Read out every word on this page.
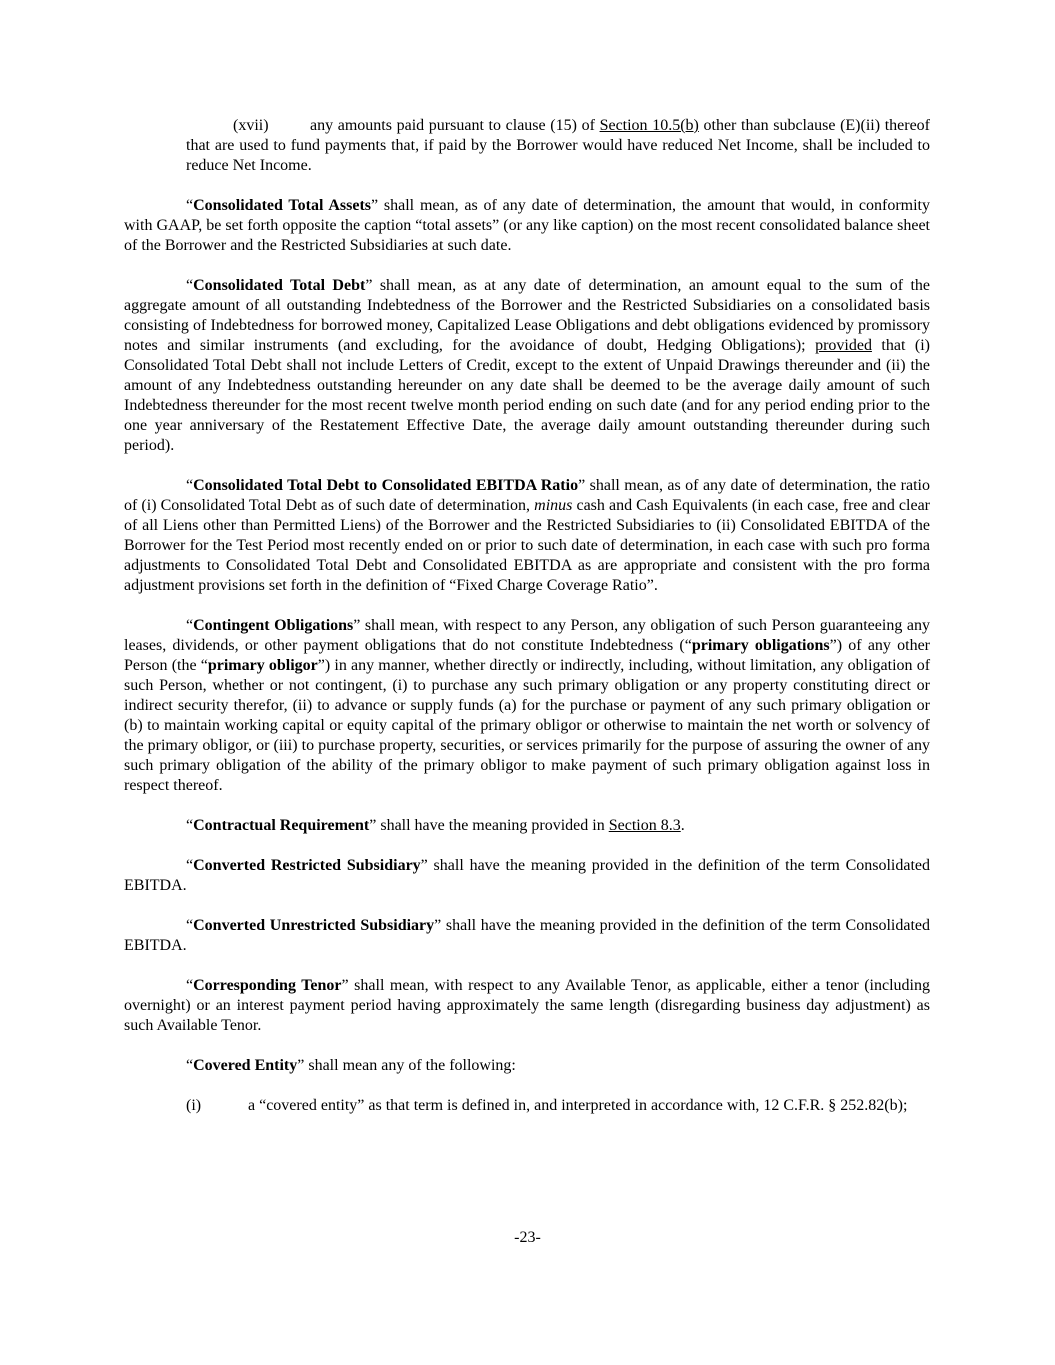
(xvii)	any amounts paid pursuant to clause (15) of Section 10.5(b) other than subclause (E)(ii) thereof that are used to fund payments that, if paid by the Borrower would have reduced Net Income, shall be included to reduce Net Income.

“Consolidated Total Assets” shall mean, as of any date of determination, the amount that would, in conformity with GAAP, be set forth opposite the caption “total assets” (or any like caption) on the most recent consolidated balance sheet of the Borrower and the Restricted Subsidiaries at such date.

“Consolidated Total Debt” shall mean, as at any date of determination, an amount equal to the sum of the aggregate amount of all outstanding Indebtedness of the Borrower and the Restricted Subsidiaries on a consolidated basis consisting of Indebtedness for borrowed money, Capitalized Lease Obligations and debt obligations evidenced by promissory notes and similar instruments (and excluding, for the avoidance of doubt, Hedging Obligations); provided that (i) Consolidated Total Debt shall not include Letters of Credit, except to the extent of Unpaid Drawings thereunder and (ii) the amount of any Indebtedness outstanding hereunder on any date shall be deemed to be the average daily amount of such Indebtedness thereunder for the most recent twelve month period ending on such date (and for any period ending prior to the one year anniversary of the Restatement Effective Date, the average daily amount outstanding thereunder during such period).

“Consolidated Total Debt to Consolidated EBITDA Ratio” shall mean, as of any date of determination, the ratio of (i) Consolidated Total Debt as of such date of determination, minus cash and Cash Equivalents (in each case, free and clear of all Liens other than Permitted Liens) of the Borrower and the Restricted Subsidiaries to (ii) Consolidated EBITDA of the Borrower for the Test Period most recently ended on or prior to such date of determination, in each case with such pro forma adjustments to Consolidated Total Debt and Consolidated EBITDA as are appropriate and consistent with the pro forma adjustment provisions set forth in the definition of “Fixed Charge Coverage Ratio”.

“Contingent Obligations” shall mean, with respect to any Person, any obligation of such Person guaranteeing any leases, dividends, or other payment obligations that do not constitute Indebtedness (“primary obligations”) of any other Person (the “primary obligor”) in any manner, whether directly or indirectly, including, without limitation, any obligation of such Person, whether or not contingent, (i) to purchase any such primary obligation or any property constituting direct or indirect security therefor, (ii) to advance or supply funds (a) for the purchase or payment of any such primary obligation or (b) to maintain working capital or equity capital of the primary obligor or otherwise to maintain the net worth or solvency of the primary obligor, or (iii) to purchase property, securities, or services primarily for the purpose of assuring the owner of any such primary obligation of the ability of the primary obligor to make payment of such primary obligation against loss in respect thereof.

“Contractual Requirement” shall have the meaning provided in Section 8.3.

“Converted Restricted Subsidiary” shall have the meaning provided in the definition of the term Consolidated EBITDA.

“Converted Unrestricted Subsidiary” shall have the meaning provided in the definition of the term Consolidated EBITDA.

“Corresponding Tenor” shall mean, with respect to any Available Tenor, as applicable, either a tenor (including overnight) or an interest payment period having approximately the same length (disregarding business day adjustment) as such Available Tenor.

“Covered Entity” shall mean any of the following:

(i)	a “covered entity” as that term is defined in, and interpreted in accordance with, 12 C.F.R. § 252.82(b);

-23-
